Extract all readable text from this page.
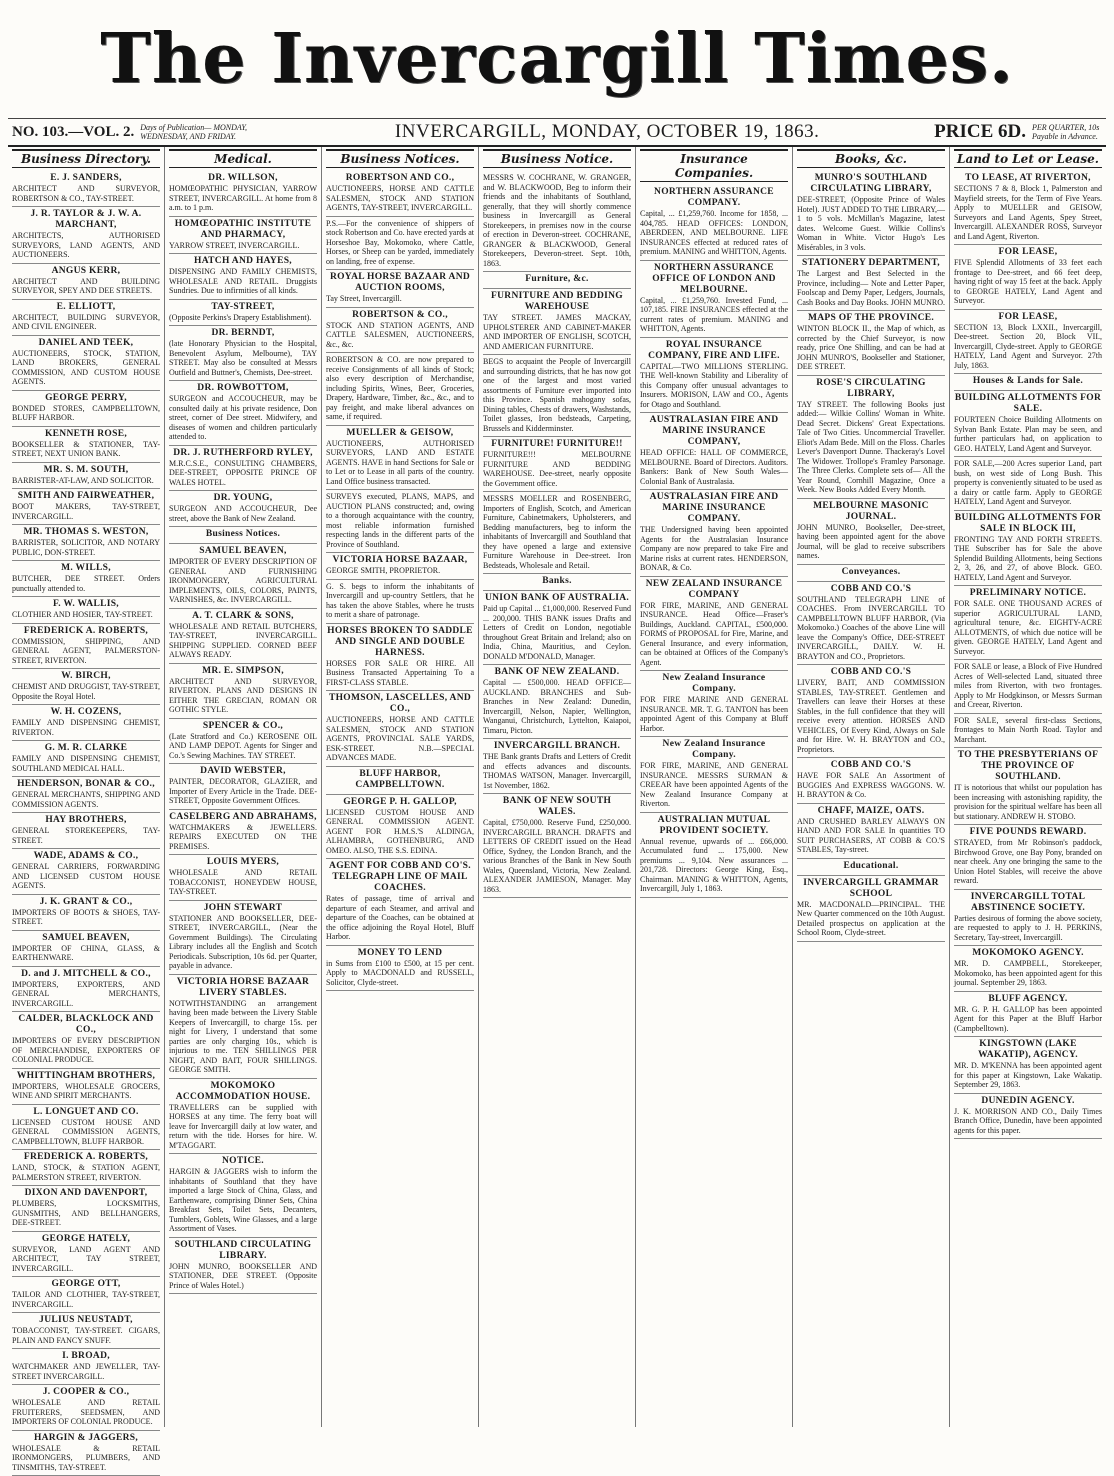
The Invercargill Times.
NO. 103.—VOL. 2. Days of Publication— MONDAY, WEDNESDAY, AND FRIDAY.	INVERCARGILL, MONDAY, OCTOBER 19, 1863.	PRICE 6D. PER QUARTER, 10s Payable in Advance.
Business Directory.
E. J. SANDERS,
ARCHITECT AND SURVEYOR, ROBERTSON & CO., TAY-STREET.
J. R. TAYLOR & J. W. A. MARCHANT,
ARCHITECTS, AUTHORISED SURVEYORS, LAND AGENTS, AND AUCTIONEERS.
ANGUS KERR,
ARCHITECT AND BUILDING SURVEYOR, SPEY AND DEE STREETS.
E. ELLIOTT,
ARCHITECT, BUILDING SURVEYOR, AND CIVIL ENGINEER.
DANIEL AND TEEK,
AUCTIONEERS, STOCK, STATION, LAND BROKERS, GENERAL COMMISSION, AND CUSTOM HOUSE AGENTS.
GEORGE PERRY,
BONDED STORES, CAMPBELLTOWN, BLUFF HARBOR.
KENNETH ROSE,
BOOKSELLER & STATIONER, TAY-STREET, NEXT UNION BANK.
MR. S. M. SOUTH,
BARRISTER-AT-LAW, AND SOLICITOR.
SMITH AND FAIRWEATHER,
BOOT MAKERS, TAY-STREET, INVERCARGILL.
MR. THOMAS S. WESTON,
BARRISTER, SOLICITOR, AND NOTARY PUBLIC, DON-STREET.
M. WILLS,
BUTCHER, DEE STREET. Orders punctually attended to.
F. W. WALLIS,
CLOTHIER AND HOSIER, TAY-STREET.
FREDERICK A. ROBERTS,
COMMISSION, SHIPPING, AND GENERAL AGENT, PALMERSTON-STREET, RIVERTON.
W. BIRCH,
CHEMIST AND DRUGGIST, TAY-STREET, Opposite the Royal Hotel.
W. H. COZENS,
FAMILY AND DISPENSING CHEMIST, RIVERTON.
G. M. R. CLARKE
FAMILY AND DISPENSING CHEMIST, SOUTHLAND MEDICAL HALL.
HENDERSON, BONAR & CO.,
GENERAL MERCHANTS, SHIPPING AND COMMISSION AGENTS.
HAY BROTHERS,
GENERAL STOREKEEPERS, TAY-STREET.
WADE, ADAMS & CO.,
GENERAL CARRIERS, FORWARDING AND LICENSED CUSTOM HOUSE AGENTS.
J. K. GRANT & CO.,
IMPORTERS OF BOOTS & SHOES, TAY-STREET.
SAMUEL BEAVEN,
IMPORTER OF CHINA, GLASS, & EARTHENWARE.
D. and J. MITCHELL & CO.,
IMPORTERS, EXPORTERS, AND GENERAL MERCHANTS, INVERCARGILL.
CALDER, BLACKLOCK AND CO.,
IMPORTERS OF EVERY DESCRIPTION OF MERCHANDISE, EXPORTERS OF COLONIAL PRODUCE.
WHITTINGHAM BROTHERS,
IMPORTERS, WHOLESALE GROCERS, WINE AND SPIRIT MERCHANTS.
L. LONGUET AND CO.
LICENSED CUSTOM HOUSE AND GENERAL COMMISSION AGENTS, CAMPBELLTOWN, BLUFF HARBOR.
FREDERICK A. ROBERTS,
LAND, STOCK, & STATION AGENT, PALMERSTON STREET, RIVERTON.
DIXON AND DAVENPORT,
PLUMBERS, LOCKSMITHS, GUNSMITHS, AND BELLHANGERS, DEE-STREET.
GEORGE HATELY,
SURVEYOR, LAND AGENT AND ARCHITECT, TAY STREET, INVERCARGILL.
GEORGE OTT,
TAILOR AND CLOTHIER, TAY-STREET, INVERCARGILL.
JULIUS NEUSTADT,
TOBACCONIST, TAY-STREET. CIGARS, PLAIN AND FANCY SNUFF.
I. BROAD,
WATCHMAKER AND JEWELLER, TAY-STREET INVERCARGILL.
J. COOPER & CO.,
WHOLESALE AND RETAIL FRUITERERS, SEEDSMEN, AND IMPORTERS OF COLONIAL PRODUCE.
HARGIN & JAGGERS,
WHOLESALE & RETAIL IRONMONGERS, PLUMBERS, AND TINSMITHS, TAY-STREET.
Medical.
DR. WILLSON,
HOMŒOPATHIC PHYSICIAN, YARROW STREET, INVERCARGILL. At home from 8 a.m. to 1 p.m.
HOMŒOPATHIC INSTITUTE AND PHARMACY,
YARROW STREET, INVERCARGILL.
HATCH AND HAYES,
DISPENSING AND FAMILY CHEMISTS, WHOLESALE AND RETAIL. Druggists Sundries. Due to infirmities of all kinds.
TAY-STREET,
(Opposite Perkins's Drapery Establishment).
DR. BERNDT,
(late Honorary Physician to the Hospital, Benevolent Asylum, Melbourne), TAY STREET. May also be consulted at Messrs Outfield and Buttner's, Chemists, Dee-street.
DR. ROWBOTTOM,
SURGEON and ACCOUCHEUR, may be consulted daily at his private residence, Don street, corner of Dee street. Midwifery, and diseases of women and children particularly attended to.
DR. J. RUTHERFORD RYLEY,
M.R.C.S.E., CONSULTING CHAMBERS, DEE-STREET, OPPOSITE PRINCE OF WALES HOTEL.
DR. YOUNG,
SURGEON AND ACCOUCHEUR, Dee street, above the Bank of New Zealand.
Business Notices.
SAMUEL BEAVEN,
IMPORTER OF EVERY DESCRIPTION OF GENERAL AND FURNISHING IRONMONGERY, AGRICULTURAL IMPLEMENTS, OILS, COLORS, PAINTS, VARNISHES, &c. INVERCARGILL.
A. T. CLARK & SONS,
WHOLESALE AND RETAIL BUTCHERS, TAY-STREET, INVERCARGILL. SHIPPING SUPPLIED. CORNED BEEF ALWAYS READY.
MR. E. SIMPSON,
ARCHITECT AND SURVEYOR, RIVERTON. PLANS AND DESIGNS IN EITHER THE GRECIAN, ROMAN OR GOTHIC STYLE.
SPENCER & CO.,
(Late Stratford and Co.) KEROSENE OIL AND LAMP DEPOT. Agents for Singer and Co.'s Sewing Machines. TAY STREET.
DAVID WEBSTER,
PAINTER, DECORATOR, GLAZIER, and Importer of Every Article in the Trade. DEE-STREET, Opposite Government Offices.
CASELBERG AND ABRAHAMS,
WATCHMAKERS & JEWELLERS. REPAIRS EXECUTED ON THE PREMISES.
LOUIS MYERS,
WHOLESALE AND RETAIL TOBACCONIST, HONEYDEW HOUSE, TAY-STREET.
JOHN STEWART
STATIONER AND BOOKSELLER, DEE-STREET, INVERCARGILL, (Near the Government Buildings). The Circulating Library includes all the English and Scotch Periodicals. Subscription, 10s 6d. per Quarter, payable in advance.
VICTORIA HORSE BAZAAR LIVERY STABLES.
NOTWITHSTANDING an arrangement having been made between the Livery Stable Keepers of Invercargill, to charge 15s. per night for Livery, I understand that some parties are only charging 10s., which is injurious to me. TEN SHILLINGS PER NIGHT, AND BAIT, FOUR SHILLINGS. GEORGE SMITH.
MOKOMOKO ACCOMMODATION HOUSE.
TRAVELLERS can be supplied with HORSES at any time. The ferry boat will leave for Invercargill daily at low water, and return with the tide. Horses for hire. W. M'TAGGART.
NOTICE.
HARGIN & JAGGERS wish to inform the inhabitants of Southland that they have imported a large Stock of China, Glass, and Earthenware, comprising Dinner Sets, China Breakfast Sets, Toilet Sets, Decanters, Tumblers, Goblets, Wine Glasses, and a large Assortment of Vases.
SOUTHLAND CIRCULATING LIBRARY.
JOHN MUNRO, BOOKSELLER AND STATIONER, DEE STREET. (Opposite Prince of Wales Hotel.)
Business Notices.
ROBERTSON AND CO.,
AUCTIONEERS, HORSE AND CATTLE SALESMEN, STOCK AND STATION AGENTS, TAY-STREET, INVERCARGILL.
P.S.—For the convenience of shippers of stock Robertson and Co. have erected yards at Horseshoe Bay, Mokomoko, where Cattle, Horses, or Sheep can be yarded, immediately on landing, free of expense.
ROYAL HORSE BAZAAR AND AUCTION ROOMS,
Tay Street, Invercargill.
ROBERTSON & CO.,
STOCK AND STATION AGENTS, AND CATTLE SALESMEN, AUCTIONEERS, &c., &c.
ROBERTSON & CO. are now prepared to receive Consignments of all kinds of Stock; also every description of Merchandise, including Spirits, Wines, Beer, Groceries, Drapery, Hardware, Timber, &c., &c., and to pay freight, and make liberal advances on same, if required.
MUELLER & GEISOW,
AUCTIONEERS, AUTHORISED SURVEYORS, LAND AND ESTATE AGENTS. HAVE in hand Sections for Sale or to Let or to Lease in all parts of the country. Land Office business transacted.
SURVEYS executed, PLANS, MAPS, and AUCTION PLANS constructed; and, owing to a thorough acquaintance with the country, most reliable information furnished respecting lands in the different parts of the Province of Southland.
VICTORIA HORSE BAZAAR,
GEORGE SMITH, PROPRIETOR.
G. S. begs to inform the inhabitants of Invercargill and up-country Settlers, that he has taken the above Stables, where he trusts to merit a share of patronage.
HORSES BROKEN TO SADDLE AND SINGLE AND DOUBLE HARNESS.
HORSES FOR SALE OR HIRE. All Business Transacted Appertaining To a FIRST-CLASS STABLE.
THOMSON, LASCELLES, AND CO.,
AUCTIONEERS, HORSE AND CATTLE SALESMEN, STOCK AND STATION AGENTS, PROVINCIAL SALE YARDS, ESK-STREET. N.B.—SPECIAL ADVANCES MADE.
BLUFF HARBOR, CAMPBELLTOWN.
GEORGE P. H. GALLOP,
LICENSED CUSTOM HOUSE AND GENERAL COMMISSION AGENT. AGENT FOR H.M.S.'S ALDINGA, ALHAMBRA, GOTHENBURG, AND OMEO. ALSO, THE S.S. EDINA.
AGENT FOR COBB AND CO'S. TELEGRAPH LINE OF MAIL COACHES.
Rates of passage, time of arrival and departure of each Steamer, and arrival and departure of the Coaches, can be obtained at the office adjoining the Royal Hotel, Bluff Harbor.
MONEY TO LEND
in Sums from £100 to £500, at 15 per cent. Apply to MACDONALD and RUSSELL, Solicitor, Clyde-street.
Business Notice.
MESSRS W. COCHRANE, W. GRANGER, and W. BLACKWOOD, Beg to inform their friends and the inhabitants of Southland, generally, that they will shortly commence business in Invercargill as General Storekeepers, in premises now in the course of erection in Deveron-street. COCHRANE, GRANGER & BLACKWOOD, General Storekeepers, Deveron-street. Sept. 10th, 1863.
Furniture, &c.
FURNITURE AND BEDDING WAREHOUSE
TAY STREET. JAMES MACKAY, UPHOLSTERER AND CABINET-MAKER AND IMPORTER OF ENGLISH, SCOTCH, AND AMERICAN FURNITURE.
BEGS to acquaint the People of Invercargill and surrounding districts, that he has now got one of the largest and most varied assortments of Furniture ever imported into this Province. Spanish mahogany sofas, Dining tables, Chests of drawers, Washstands, Toilet glasses, Iron bedsteads, Carpeting, Brussels and Kidderminster.
FURNITURE! FURNITURE!!
FURNITURE!!! MELBOURNE FURNITURE AND BEDDING WAREHOUSE. Dee-street, nearly opposite the Government office.
MESSRS MOELLER and ROSENBERG, Importers of English, Scotch, and American Furniture, Cabinetmakers, Upholsterers, and Bedding manufacturers, beg to inform the inhabitants of Invercargill and Southland that they have opened a large and extensive Furniture Warehouse in Dee-street. Iron Bedsteads, Wholesale and Retail.
Banks.
UNION BANK OF AUSTRALIA.
Paid up Capital ... £1,000,000. Reserved Fund ... 200,000. THIS BANK issues Drafts and Letters of Credit on London, negotiable throughout Great Britain and Ireland; also on India, China, Mauritius, and Ceylon. DONALD M'DONALD, Manager.
BANK OF NEW ZEALAND.
Capital — £500,000. HEAD OFFICE—AUCKLAND. BRANCHES and Sub-Branches in New Zealand: Dunedin, Invercargill, Nelson, Napier, Wellington, Wanganui, Christchurch, Lyttelton, Kaiapoi, Timaru, Picton.
INVERCARGILL BRANCH.
THE Bank grants Drafts and Letters of Credit and effects advances and discounts. THOMAS WATSON, Manager. Invercargill, 1st November, 1862.
BANK OF NEW SOUTH WALES.
Capital, £750,000. Reserve Fund, £250,000. INVERCARGILL BRANCH. DRAFTS and LETTERS OF CREDIT issued on the Head Office, Sydney, the London Branch, and the various Branches of the Bank in New South Wales, Queensland, Victoria, New Zealand. ALEXANDER JAMIESON, Manager. May 1863.
Insurance Companies.
NORTHERN ASSURANCE COMPANY.
Capital, ... £1,259,760. Income for 1858, ... 404,785. HEAD OFFICES: LONDON, ABERDEEN, AND MELBOURNE. LIFE INSURANCES effected at reduced rates of premium. MANING and WHITTON, Agents.
NORTHERN ASSURANCE OFFICE OF LONDON AND MELBOURNE.
Capital, ... £1,259,760. Invested Fund, ... 107,185. FIRE INSURANCES effected at the current rates of premium. MANING and WHITTON, Agents.
ROYAL INSURANCE COMPANY, FIRE AND LIFE.
CAPITAL—TWO MILLIONS STERLING. THE Well-known Stability and Liberality of this Company offer unusual advantages to Insurers. MORISON, LAW and CO., Agents for Otago and Southland.
AUSTRALASIAN FIRE AND MARINE INSURANCE COMPANY,
HEAD OFFICE: HALL OF COMMERCE, MELBOURNE. Board of Directors. Auditors. Bankers: Bank of New South Wales—Colonial Bank of Australasia.
AUSTRALASIAN FIRE AND MARINE INSURANCE COMPANY.
THE Undersigned having been appointed Agents for the Australasian Insurance Company are now prepared to take Fire and Marine risks at current rates. HENDERSON, BONAR, & Co.
NEW ZEALAND INSURANCE COMPANY
FOR FIRE, MARINE, AND GENERAL INSURANCE. Head Office—Fraser's Buildings, Auckland. CAPITAL, £500,000. FORMS of PROPOSAL for Fire, Marine, and General Insurance, and every information, can be obtained at Offices of the Company's Agent.
New Zealand Insurance Company.
FOR FIRE MARINE AND GENERAL INSURANCE. MR. T. G. TANTON has been appointed Agent of this Company at Bluff Harbor.
New Zealand Insurance Company.
FOR FIRE, MARINE, AND GENERAL INSURANCE. MESSRS SURMAN & CREEAR have been appointed Agents of the New Zealand Insurance Company at Riverton.
AUSTRALIAN MUTUAL PROVIDENT SOCIETY.
Annual revenue, upwards of ... £66,000. Accumulated fund ... 175,000. New premiums ... 9,104. New assurances ... 201,728. Directors: George King, Esq., Chairman. MANING & WHITTON, Agents, Invercargill, July 1, 1863.
Books, &c.
MUNRO'S SOUTHLAND CIRCULATING LIBRARY,
DEE-STREET, (Opposite Prince of Wales Hotel). JUST ADDED TO THE LIBRARY,— 1 to 5 vols. McMillan's Magazine, latest dates. Welcome Guest. Wilkie Collins's Woman in White. Victor Hugo's Les Misérables, in 3 vols.
STATIONERY DEPARTMENT,
The Largest and Best Selected in the Province, including— Note and Letter Paper, Foolscap and Demy Paper, Ledgers, Journals, Cash Books and Day Books. JOHN MUNRO.
MAPS OF THE PROVINCE.
WINTON BLOCK II., the Map of which, as corrected by the Chief Surveyor, is now ready, price One Shilling, and can be had at JOHN MUNRO'S, Bookseller and Stationer, DEE STREET.
ROSE'S CIRCULATING LIBRARY,
TAY STREET. The following Books just added:— Wilkie Collins' Woman in White. Dead Secret. Dickens' Great Expectations. Tale of Two Cities. Uncommercial Traveller. Eliot's Adam Bede. Mill on the Floss. Charles Lever's Davenport Dunne. Thackeray's Lovel The Widower. Trollope's Framley Parsonage. The Three Clerks. Complete sets of— All the Year Round, Cornhill Magazine, Once a Week. New Books Added Every Month.
MELBOURNE MASONIC JOURNAL.
JOHN MUNRO, Bookseller, Dee-street, having been appointed agent for the above Journal, will be glad to receive subscribers names.
Conveyances.
COBB AND CO.'S
SOUTHLAND TELEGRAPH LINE of COACHES. From INVERCARGILL TO CAMPBELLTOWN BLUFF HARBOR, (Via Mokomoko.) Coaches of the above Line will leave the Company's Office, DEE-STREET INVERCARGILL, DAILY. W. H. BRAYTON and CO., Proprietors.
COBB AND CO.'S
LIVERY, BAIT, AND COMMISSION STABLES, TAY-STREET. Gentlemen and Travellers can leave their Horses at these Stables, in the full confidence that they will receive every attention. HORSES AND VEHICLES, Of Every Kind, Always on Sale and for Hire. W. H. BRAYTON and CO., Proprietors.
COBB AND CO.'S
HAVE FOR SALE An Assortment of BUGGIES And EXPRESS WAGGONS. W. H. BRAYTON & Co.
CHAFF, MAIZE, OATS.
AND CRUSHED BARLEY ALWAYS ON HAND AND FOR SALE In quantities TO SUIT PURCHASERS, AT COBB & CO.'S STABLES, Tay-street.
Educational.
INVERCARGILL GRAMMAR SCHOOL
MR. MACDONALD—PRINCIPAL. THE New Quarter commenced on the 10th August. Detailed prospectus on application at the School Room, Clyde-street.
Land to Let or Lease.
TO LEASE, AT RIVERTON,
SECTIONS 7 & 8, Block 1, Palmerston and Mayfield streets, for the Term of Five Years. Apply to MUELLER and GEISOW, Surveyors and Land Agents, Spey Street, Invercargill. ALEXANDER ROSS, Surveyor and Land Agent, Riverton.
FOR LEASE,
FIVE Splendid Allotments of 33 feet each frontage to Dee-street, and 66 feet deep, having right of way 15 feet at the back. Apply to GEORGE HATELY, Land Agent and Surveyor.
FOR LEASE,
SECTION 13, Block LXXII., Invercargill, Dee-street. Section 20, Block VII., Invercargill, Clyde-street. Apply to GEORGE HATELY, Land Agent and Surveyor. 27th July, 1863.
Houses & Lands for Sale.
BUILDING ALLOTMENTS FOR SALE.
FOURTEEN Choice Building Allotments on Sylvan Bank Estate. Plan may be seen, and further particulars had, on application to GEO. HATELY, Land Agent and Surveyor.
FOR SALE,—200 Acres superior Land, part bush, on west side of Long Bush. This property is conveniently situated to be used as a dairy or cattle farm. Apply to GEORGE HATELY, Land Agent and Surveyor.
BUILDING ALLOTMENTS FOR SALE IN BLOCK III,
FRONTING TAY AND FORTH STREETS. THE Subscriber has for Sale the above Splendid Building Allotments, being Sections 2, 3, 26, and 27, of above Block. GEO. HATELY, Land Agent and Surveyor.
PRELIMINARY NOTICE.
FOR SALE. ONE THOUSAND ACRES of superior AGRICULTURAL LAND, agricultural tenure, &c. EIGHTY-ACRE ALLOTMENTS, of which due notice will be given. GEORGE HATELY, Land Agent and Surveyor.
FOR SALE or lease, a Block of Five Hundred Acres of Well-selected Land, situated three miles from Riverton, with two frontages. Apply to Mr Hodgkinson, or Messrs Surman and Creear, Riverton.
FOR SALE, several first-class Sections, frontages to Main North Road. Taylor and Marchant.
TO THE PRESBYTERIANS OF THE PROVINCE OF SOUTHLAND.
IT is notorious that whilst our population has been increasing with astonishing rapidity, the provision for the spiritual welfare has been all but stationary. ANDREW H. STOBO.
FIVE POUNDS REWARD.
STRAYED, from Mr Robinson's paddock, Birchwood Grove, one Bay Pony, branded on near cheek. Any one bringing the same to the Union Hotel Stables, will receive the above reward.
INVERCARGILL TOTAL ABSTINENCE SOCIETY.
Parties desirous of forming the above society, are requested to apply to J. H. PERKINS, Secretary, Tay-street, Invercargill.
MOKOMOKO AGENCY.
MR. D. CAMPBELL, Storekeeper, Mokomoko, has been appointed agent for this journal. September 29, 1863.
BLUFF AGENCY.
MR. G. P. H. GALLOP has been appointed Agent for this Paper at the Bluff Harbor (Campbelltown).
KINGSTOWN (LAKE WAKATIP), AGENCY.
MR. D. M'KENNA has been appointed agent for this paper at Kingstown, Lake Wakatip. September 29, 1863.
DUNEDIN AGENCY.
J. K. MORRISON AND CO., Daily Times Branch Office, Dunedin, have been appointed agents for this paper.
